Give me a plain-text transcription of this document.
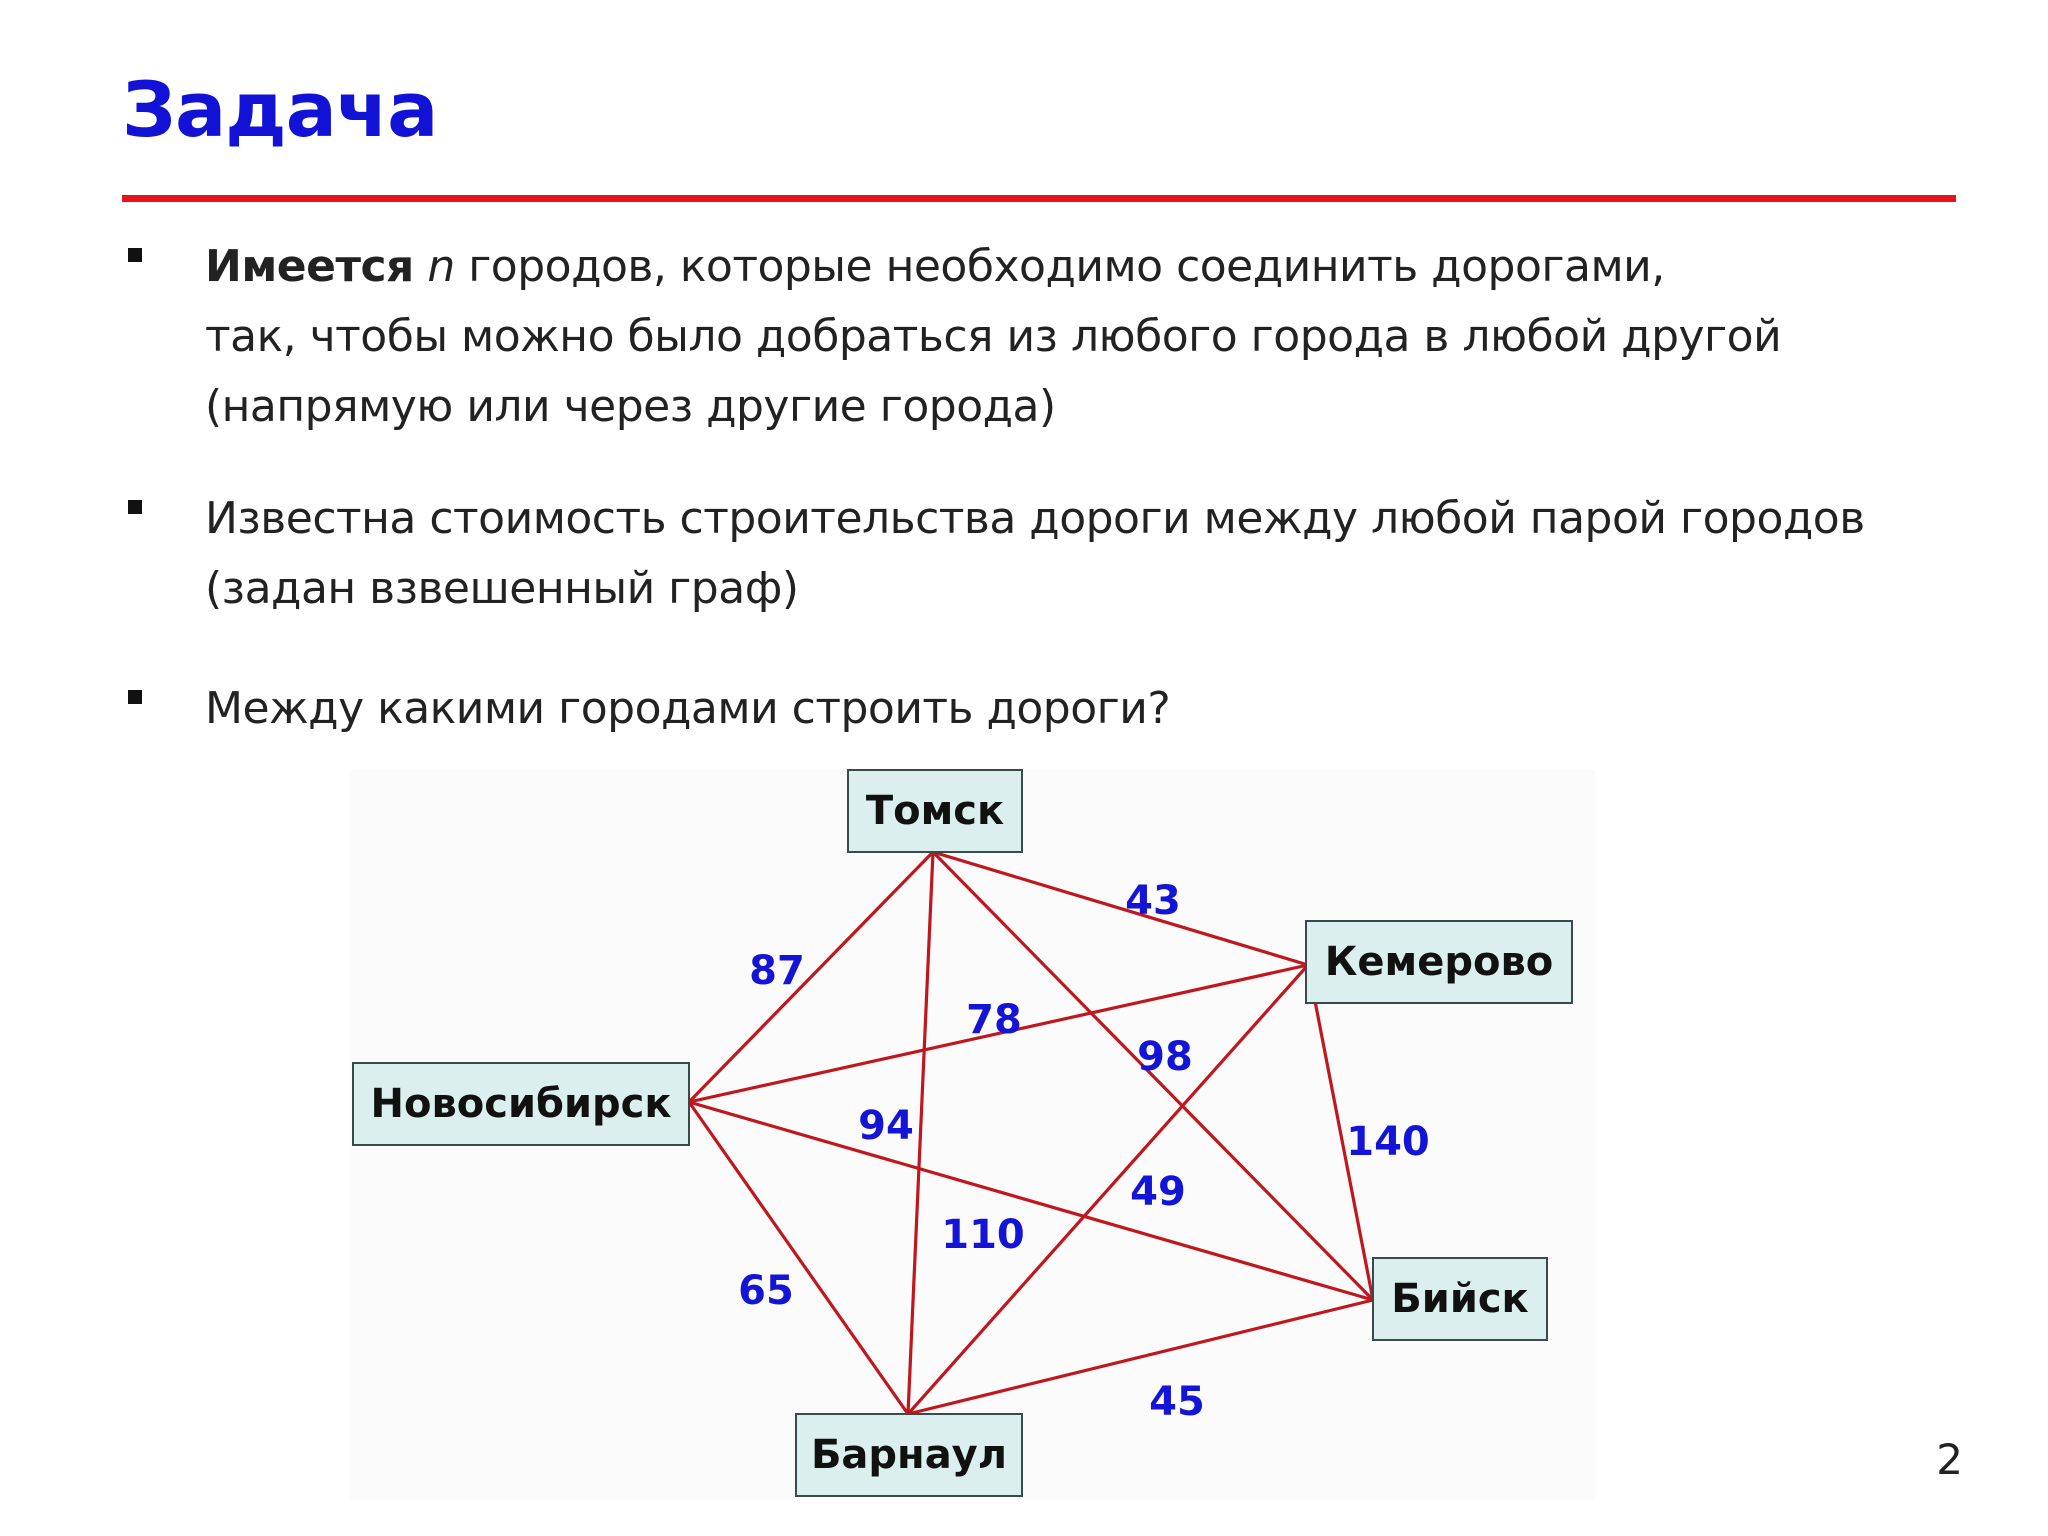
Задача
Имеется n городов, которые необходимо соединить дорогами,
так, чтобы можно было добраться из любого города в любой другой
(напрямую или через другие города)
Известна стоимость строительства дороги между любой парой городов
(задан взвешенный граф)
Между какими городами строить дороги?
43
87
94
98
78
65
110
49
140
45
Томск
Кемерово
Новосибирск
Бийск
Барнаул	2
